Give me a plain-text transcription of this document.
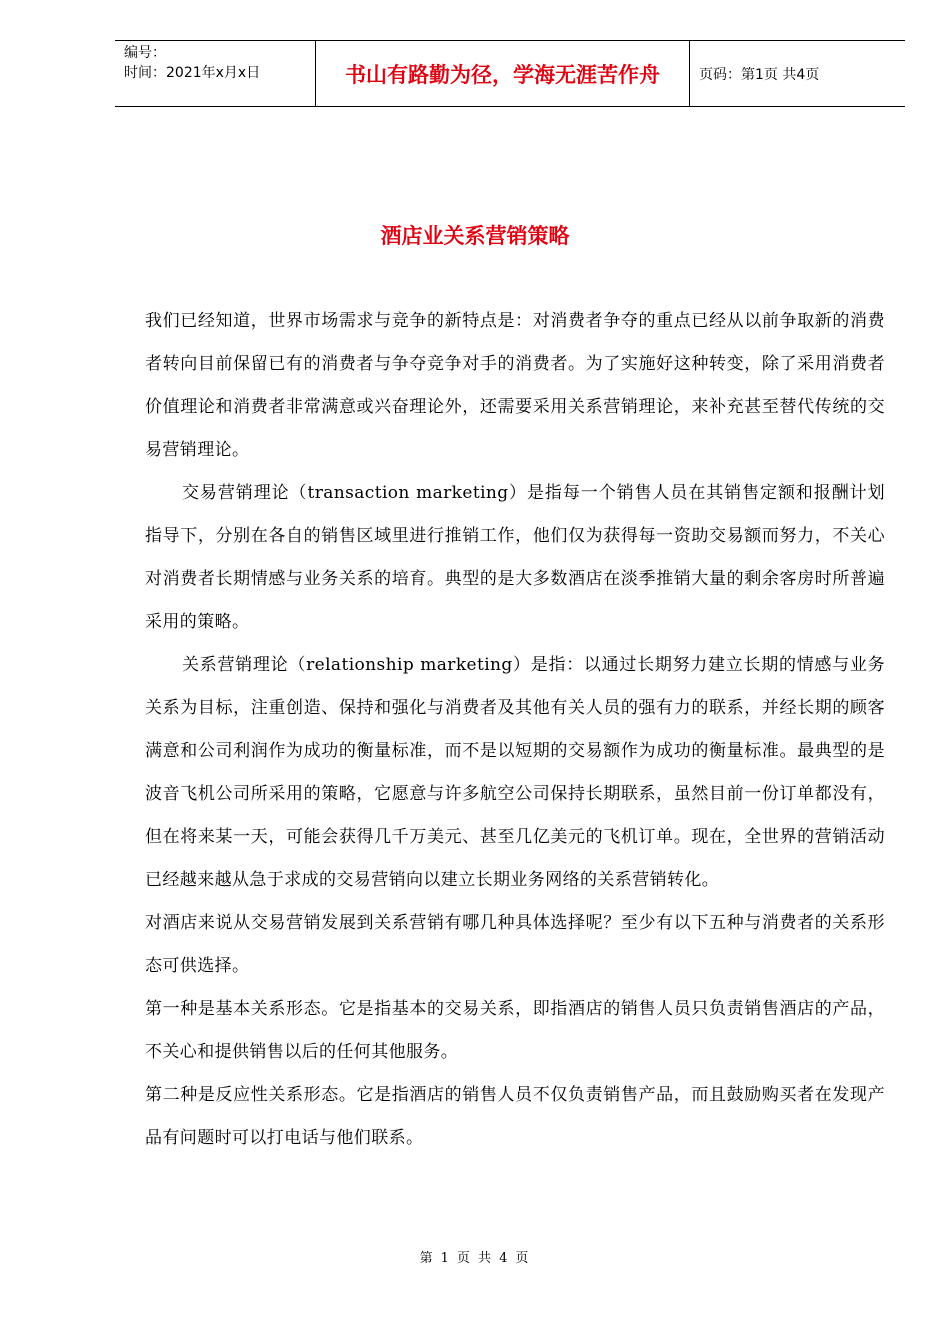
编号：
时间：2021年x月x日	书山有路勤为径，学海无涯苦作舟	页码：第1页 共4页
酒店业关系营销策略

我们已经知道，世界市场需求与竞争的新特点是：对消费者争夺的重点已经从以前争取新的消费者转向目前保留已有的消费者与争夺竞争对手的消费者。为了实施好这种转变，除了采用消费者价值理论和消费者非常满意或兴奋理论外，还需要采用关系营销理论，来补充甚至替代传统的交易营销理论。

交易营销理论（transaction marketing）是指每一个销售人员在其销售定额和报酬计划指导下，分别在各自的销售区域里进行推销工作，他们仅为获得每一资助交易额而努力，不关心对消费者长期情感与业务关系的培育。典型的是大多数酒店在淡季推销大量的剩余客房时所普遍采用的策略。

关系营销理论（relationship marketing）是指：以通过长期努力建立长期的情感与业务关系为目标，注重创造、保持和强化与消费者及其他有关人员的强有力的联系，并经长期的顾客满意和公司利润作为成功的衡量标准，而不是以短期的交易额作为成功的衡量标准。最典型的是波音飞机公司所采用的策略，它愿意与许多航空公司保持长期联系，虽然目前一份订单都没有，但在将来某一天，可能会获得几千万美元、甚至几亿美元的飞机订单。现在，全世界的营销活动已经越来越从急于求成的交易营销向以建立长期业务网络的关系营销转化。

对酒店来说从交易营销发展到关系营销有哪几种具体选择呢？至少有以下五种与消费者的关系形态可供选择。

第一种是基本关系形态。它是指基本的交易关系，即指酒店的销售人员只负责销售酒店的产品，不关心和提供销售以后的任何其他服务。

第二种是反应性关系形态。它是指酒店的销售人员不仅负责销售产品，而且鼓励购买者在发现产品有问题时可以打电话与他们联系。

第 1 页 共 4 页
